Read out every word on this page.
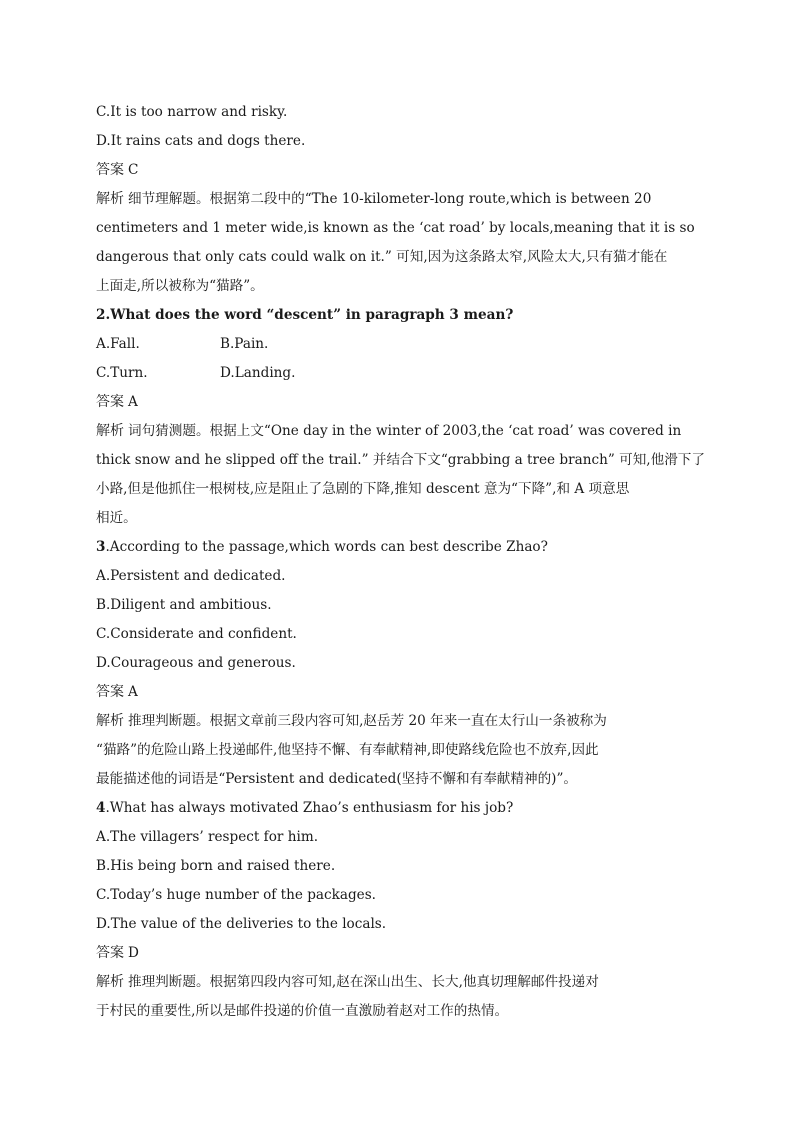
C.It is too narrow and risky.
D.It rains cats and dogs there.
答案 C
解析 细节理解题。根据第二段中的“The 10-kilometer-long route,which is between 20
centimeters and 1 meter wide,is known as the ‘cat road’ by locals,meaning that it is so
dangerous that only cats could walk on it.” 可知,因为这条路太窄,风险太大,只有猫才能在
上面走,所以被称为“猫路”。
2.What does the word “descent” in paragraph 3 mean?
A.Fall.	B.Pain.
C.Turn.	D.Landing.
答案 A
解析 词句猜测题。根据上文“One day in the winter of 2003,the ‘cat road’ was covered in
thick snow and he slipped off the trail.” 并结合下文“grabbing a tree branch” 可知,他滑下了
小路,但是他抓住一根树枝,应是阻止了急剧的下降,推知 descent 意为“下降”,和 A 项意思
相近。
3.According to the passage,which words can best describe Zhao?
A.Persistent and dedicated.
B.Diligent and ambitious.
C.Considerate and confident.
D.Courageous and generous.
答案 A
解析 推理判断题。根据文章前三段内容可知,赵岳芳 20 年来一直在太行山一条被称为
“猫路”的危险山路上投递邮件,他坚持不懈、有奉献精神,即使路线危险也不放弃,因此
最能描述他的词语是“Persistent and dedicated(坚持不懈和有奉献精神的)”。
4.What has always motivated Zhao’s enthusiasm for his job?
A.The villagers’ respect for him.
B.His being born and raised there.
C.Today’s huge number of the packages.
D.The value of the deliveries to the locals.
答案 D
解析 推理判断题。根据第四段内容可知,赵在深山出生、长大,他真切理解邮件投递对
于村民的重要性,所以是邮件投递的价值一直激励着赵对工作的热情。
